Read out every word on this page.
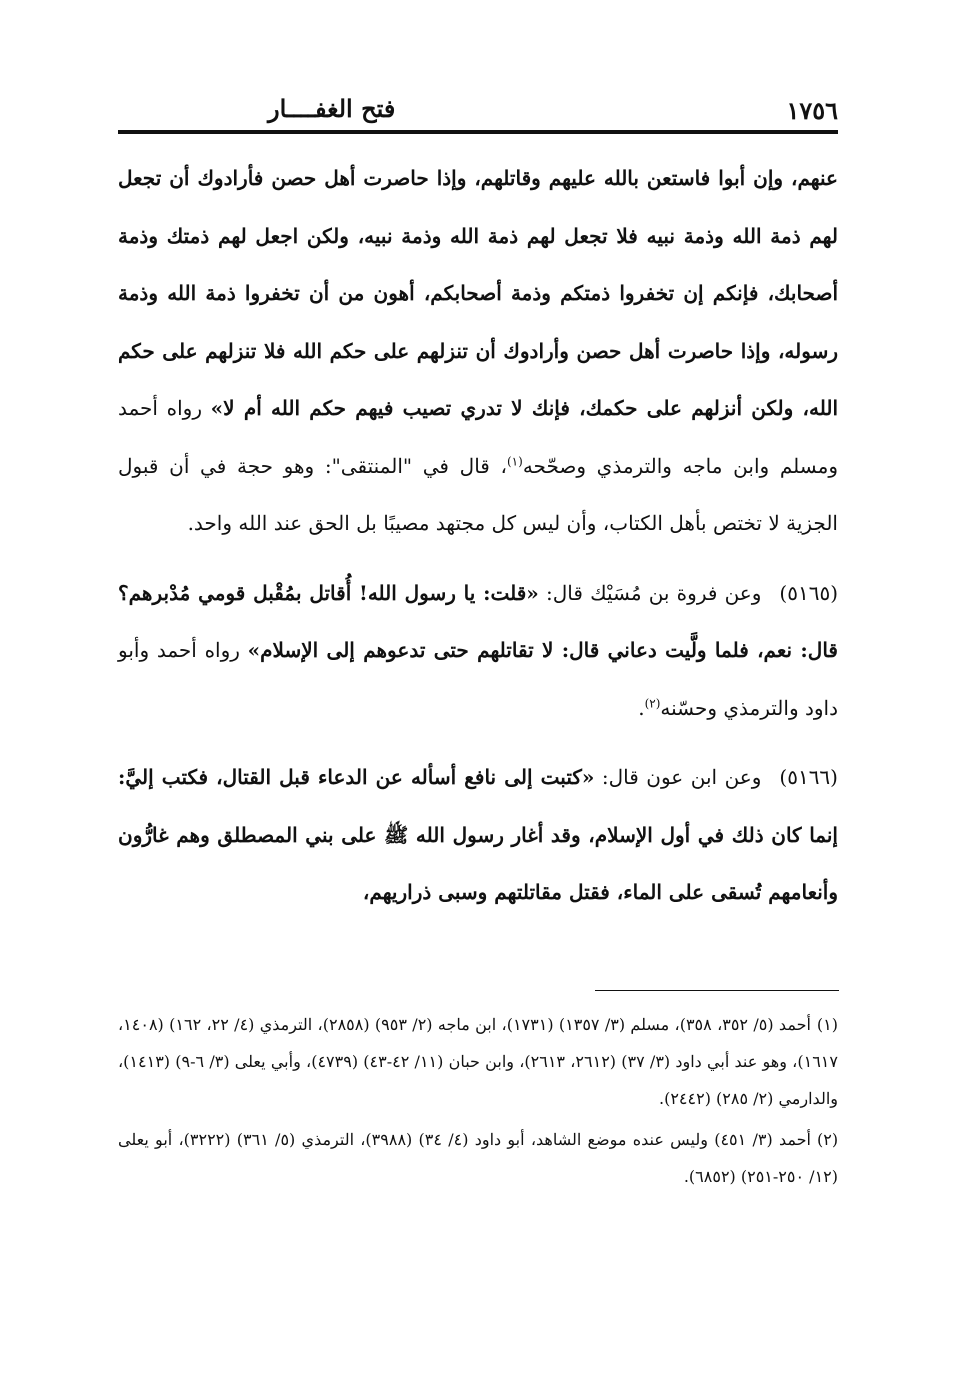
١٧٥٦
فتح الغفــــار

عنهم، وإن أبوا فاستعن بالله عليهم وقاتلهم، وإذا حاصرت أهل حصن فأرادوك أن تجعل لهم ذمة الله وذمة نبيه فلا تجعل لهم ذمة الله وذمة نبيه، ولكن اجعل لهم ذمتك وذمة أصحابك، فإنكم إن تخفروا ذمتكم وذمة أصحابكم، أهون من أن تخفروا ذمة الله وذمة رسوله، وإذا حاصرت أهل حصن وأرادوك أن تنزلهم على حكم الله فلا تنزلهم على حكم الله، ولكن أنزلهم على حكمك، فإنك لا تدري تصيب فيهم حكم الله أم لا» رواه أحمد ومسلم وابن ماجه والترمذي وصحّحه$^{(١)}$، قال في "المنتقى": وهو حجة في أن قبول الجزية لا تختص بأهل الكتاب، وأن ليس كل مجتهد مصيبًا بل الحق عند الله واحد.

(٥١٦٥)وعن فروة بن مُسَيْك قال: «قلت: يا رسول الله! أُقاتل بمُقْبل قومي مُدْبرهم؟ قال: نعم، فلما ولَّيت دعاني قال: لا تقاتلهم حتى تدعوهم إلى الإسلام» رواه أحمد وأبو داود والترمذي وحسّنه$^{(٢)}$.

(٥١٦٦)وعن ابن عون قال: «كتبت إلى نافع أسأله عن الدعاء قبل القتال، فكتب إليَّ: إنما كان ذلك في أول الإسلام، وقد أغار رسول الله ﷺ على بني المصطلق وهم غارُّون وأنعامهم تُسقى على الماء، فقتل مقاتلتهم وسبى ذراريهم،

(١)أحمد (٥/ ٣٥٢، ٣٥٨)، مسلم (٣/ ١٣٥٧) (١٧٣١)، ابن ماجه (٢/ ٩٥٣) (٢٨٥٨)، الترمذي (٤/ ٢٢، ١٦٢) (١٤٠٨، ١٦١٧)، وهو عند أبي داود (٣/ ٣٧) (٢٦١٢، ٢٦١٣)، وابن حبان (١١/ ٤٢-٤٣) (٤٧٣٩)، وأبي يعلى (٣/ ٦-٩) (١٤١٣)، والدارمي (٢/ ٢٨٥) (٢٤٤٢).

(٢)أحمد (٣/ ٤٥١) وليس عنده موضع الشاهد، أبو داود (٤/ ٣٤) (٣٩٨٨)، الترمذي (٥/ ٣٦١) (٣٢٢٢)، أبو يعلى (١٢/ ٢٥٠-٢٥١) (٦٨٥٢).
